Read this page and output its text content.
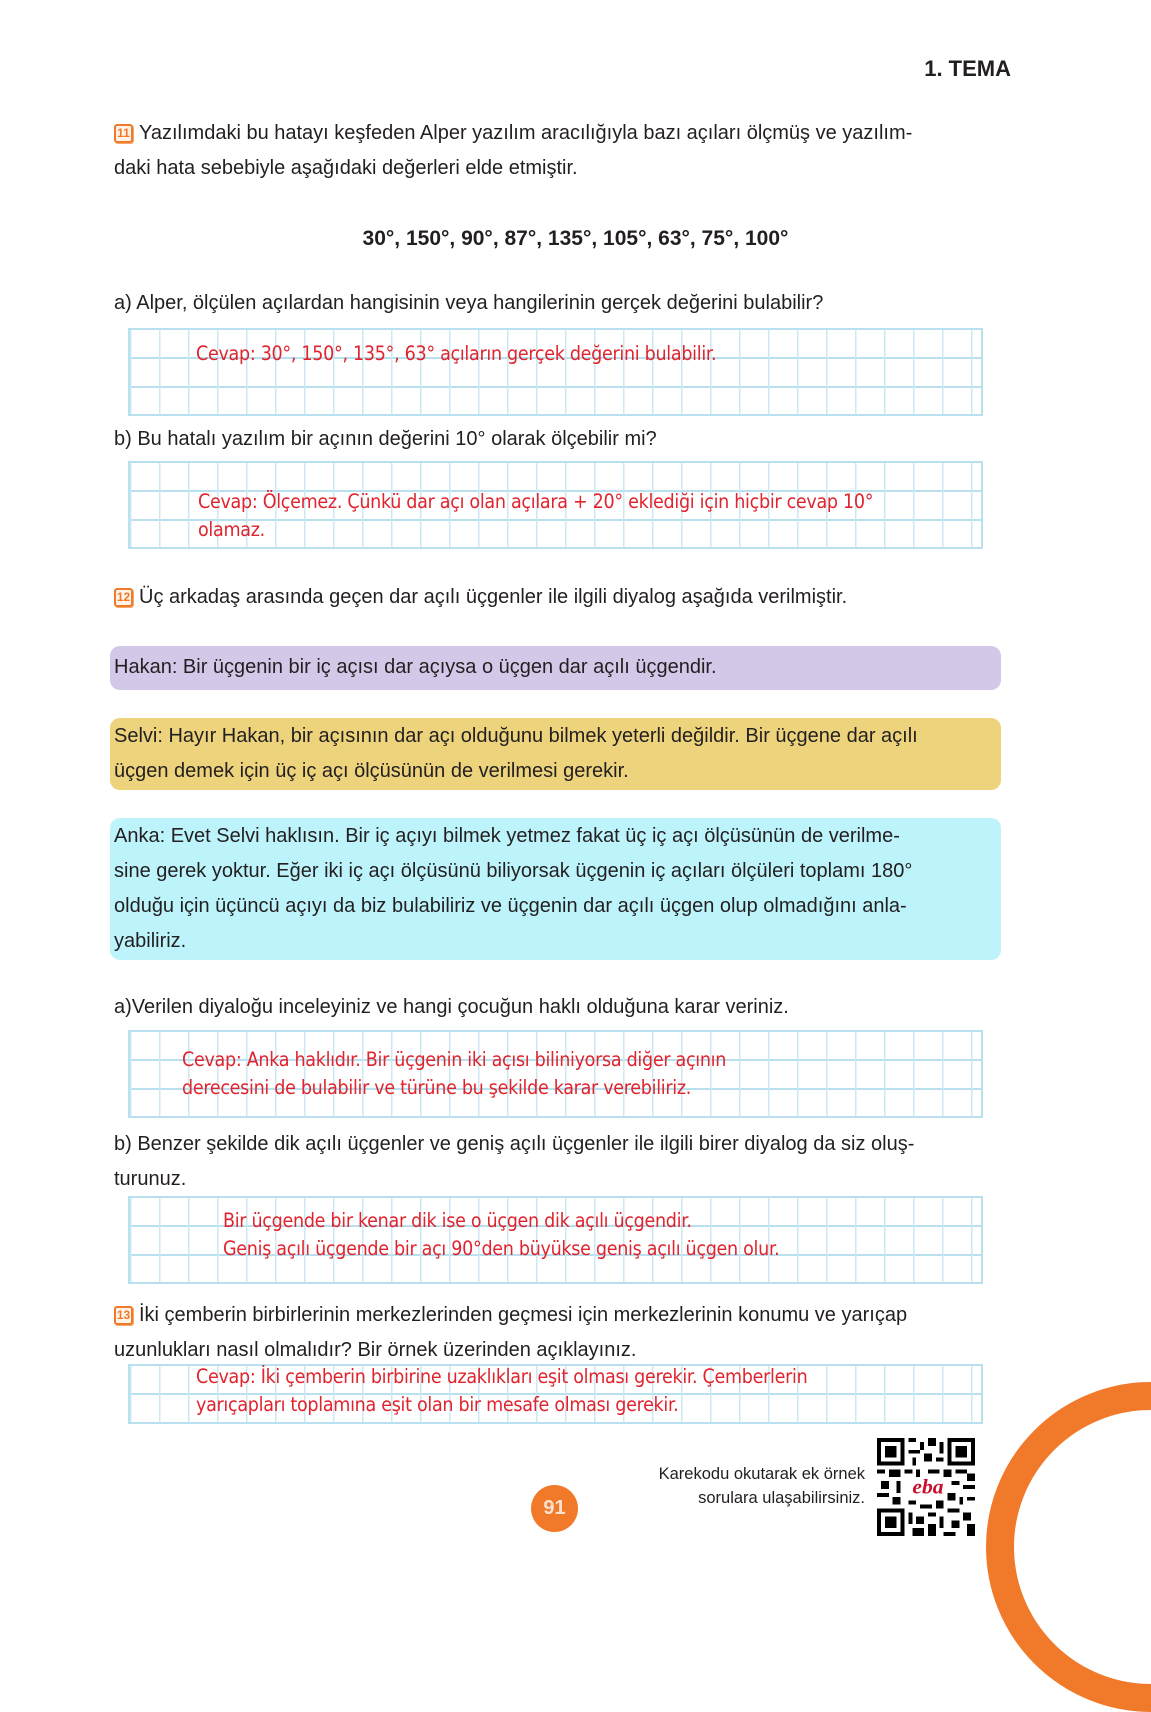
1. TEMA
11 Yazılımdaki bu hatayı keşfeden Alper yazılım aracılığıyla bazı açıları ölçmüş ve yazılım-
daki hata sebebiyle aşağıdaki değerleri elde etmiştir.
30°, 150°, 90°, 87°, 135°, 105°, 63°, 75°, 100°
a) Alper, ölçülen açılardan hangisinin veya hangilerinin gerçek değerini bulabilir?
Cevap: 30°, 150°, 135°, 63° açıların gerçek değerini bulabilir.
b) Bu hatalı yazılım bir açının değerini 10° olarak ölçebilir mi?
Cevap: Ölçemez. Çünkü dar açı olan açılara + 20° eklediği için hiçbir cevap 10°
olamaz.
12 Üç arkadaş arasında geçen dar açılı üçgenler ile ilgili diyalog aşağıda verilmiştir.
Hakan: Bir üçgenin bir iç açısı dar açıysa o üçgen dar açılı üçgendir.
Selvi: Hayır Hakan, bir açısının dar açı olduğunu bilmek yeterli değildir. Bir üçgene dar açılı
üçgen demek için üç iç açı ölçüsünün de verilmesi gerekir.
Anka: Evet Selvi haklısın. Bir iç açıyı bilmek yetmez fakat üç iç açı ölçüsünün de verilme-
sine gerek yoktur. Eğer iki iç açı ölçüsünü biliyorsak üçgenin iç açıları ölçüleri toplamı 180°
olduğu için üçüncü açıyı da biz bulabiliriz ve üçgenin dar açılı üçgen olup olmadığını anla-
yabiliriz.
a)Verilen diyaloğu inceleyiniz ve hangi çocuğun haklı olduğuna karar veriniz.
Cevap: Anka haklıdır. Bir üçgenin iki açısı biliniyorsa diğer açının
derecesini de bulabilir ve türüne bu şekilde karar verebiliriz.
b) Benzer şekilde dik açılı üçgenler ve geniş açılı üçgenler ile ilgili birer diyalog da siz oluş-
turunuz.
Bir üçgende bir kenar dik ise o üçgen dik açılı üçgendir.
Geniş açılı üçgende bir açı 90°den büyükse geniş açılı üçgen olur.
13 İki çemberin birbirlerinin merkezlerinden geçmesi için merkezlerinin konumu ve yarıçap
uzunlukları nasıl olmalıdır? Bir örnek üzerinden açıklayınız.
Cevap: İki çemberin birbirine uzaklıkları eşit olması gerekir. Çemberlerin
yarıçapları toplamına eşit olan bir mesafe olması gerekir.
91
Karekodu okutarak ek örnek
sorulara ulaşabilirsiniz.	eba
